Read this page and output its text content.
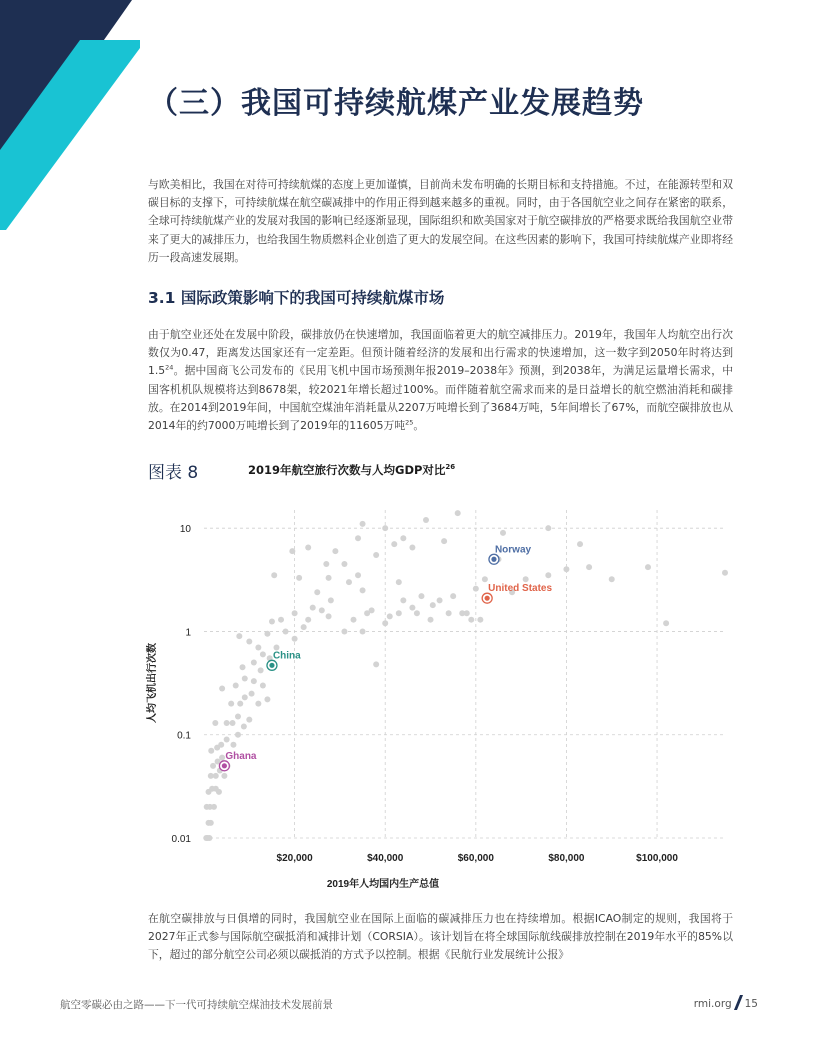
（三）我国可持续航煤产业发展趋势

与欧美相比，我国在对待可持续航煤的态度上更加谨慎，目前尚未发布明确的长期目标和支持措施。不过，在能源转型和双碳目标的支撑下，可持续航煤在航空碳减排中的作用正得到越来越多的重视。同时，由于各国航空业之间存在紧密的联系，全球可持续航煤产业的发展对我国的影响已经逐渐显现，国际组织和欧美国家对于航空碳排放的严格要求既给我国航空业带来了更大的减排压力，也给我国生物质燃料企业创造了更大的发展空间。在这些因素的影响下，我国可持续航煤产业即将经历一段高速发展期。

3.1 国际政策影响下的我国可持续航煤市场

由于航空业还处在发展中阶段，碳排放仍在快速增加，我国面临着更大的航空减排压力。2019年，我国年人均航空出行次数仅为0.47，距离发达国家还有一定差距。但预计随着经济的发展和出行需求的快速增加，这一数字到2050年时将达到$1.5^{24}$。据中国商飞公司发布的《民用飞机中国市场预测年报2019–2038年》预测，到2038年，为满足运量增长需求，中国客机机队规模将达到8678架，较2021年增长超过100%。而伴随着航空需求而来的是日益增长的航空燃油消耗和碳排放。在2014到2019年间，中国航空煤油年消耗量从2207万吨增长到了3684万吨，5年间增长了67%，而航空碳排放也从2014年的约7000万吨增长到了2019年的11605万吨$^{25}$。

图表 8	2019年航空旅行次数与人均GDP对比$^{26}$
Norway
United States
China
Ghana
0.01
0.1
1
10
$20,000	$40,000	$60,000	$80,000	$100,000
2019年人均国内生产总值
人均飞机出行次数

在航空碳排放与日俱增的同时，我国航空业在国际上面临的碳减排压力也在持续增加。根据ICAO制定的规则，我国将于2027年正式参与国际航空碳抵消和减排计划（CORSIA）。该计划旨在将全球国际航线碳排放控制在2019年水平的85%以下，超过的部分航空公司必须以碳抵消的方式予以控制。根据《民航行业发展统计公报》

航空零碳必由之路——下一代可持续航空煤油技术发展前景	rmi.org 15
